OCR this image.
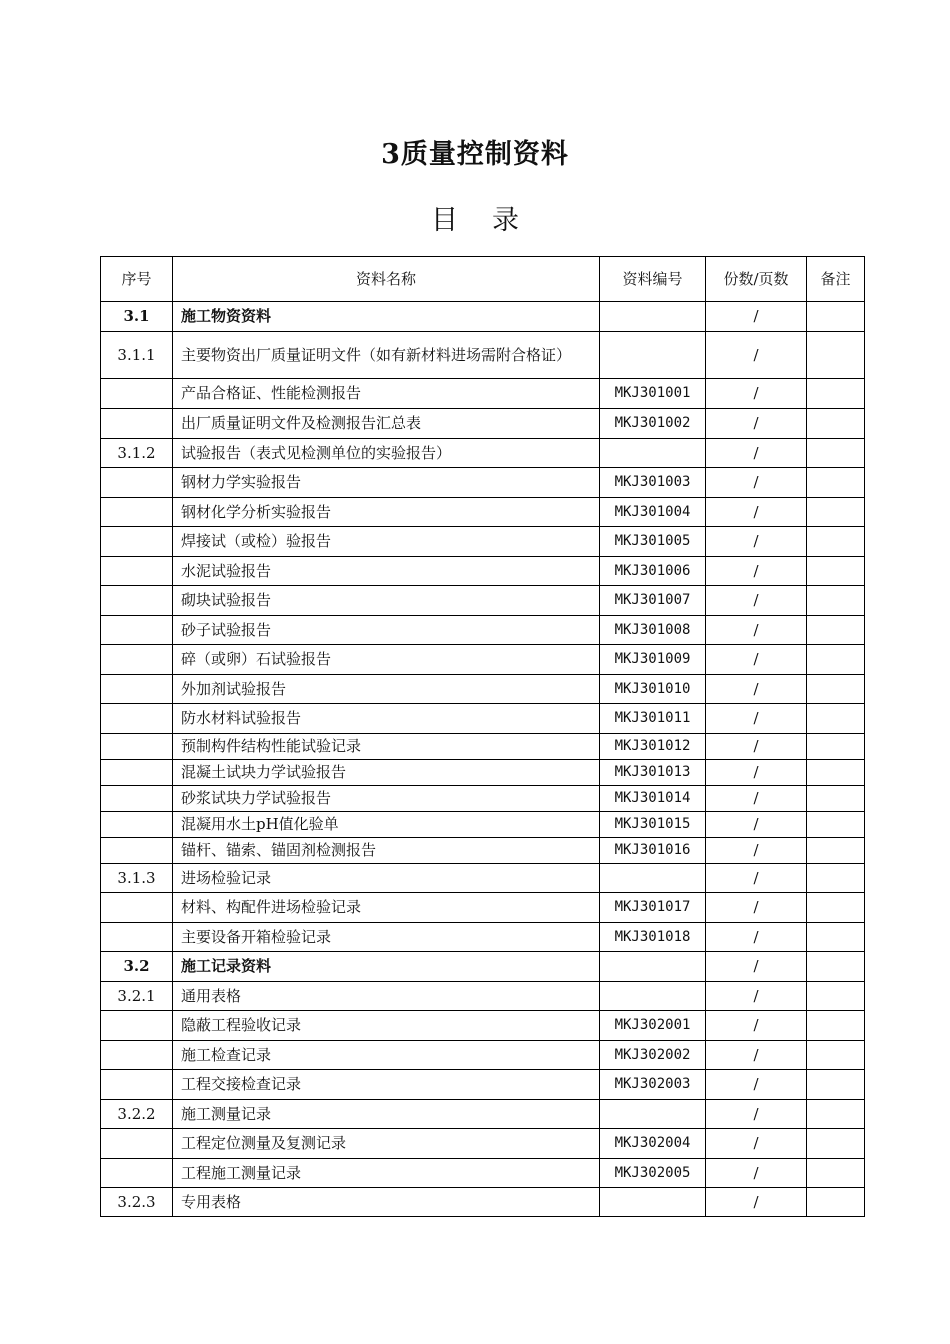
3质量控制资料
目录
序号	资料名称	资料编号	份数/页数	备注
3.1	施工物资资料		/	
3.1.1	主要物资出厂质量证明文件（如有新材料进场需附合格证）		/	
	产品合格证、性能检测报告	MKJ301001	/	
	出厂质量证明文件及检测报告汇总表	MKJ301002	/	
3.1.2	试验报告（表式见检测单位的实验报告）		/	
	钢材力学实验报告	MKJ301003	/	
	钢材化学分析实验报告	MKJ301004	/	
	焊接试（或检）验报告	MKJ301005	/	
	水泥试验报告	MKJ301006	/	
	砌块试验报告	MKJ301007	/	
	砂子试验报告	MKJ301008	/	
	碎（或卵）石试验报告	MKJ301009	/	
	外加剂试验报告	MKJ301010	/	
	防水材料试验报告	MKJ301011	/	
	预制构件结构性能试验记录	MKJ301012	/	
	混凝土试块力学试验报告	MKJ301013	/	
	砂浆试块力学试验报告	MKJ301014	/	
	混凝用水土pH值化验单	MKJ301015	/	
	锚杆、锚索、锚固剂检测报告	MKJ301016	/	
3.1.3	进场检验记录		/	
	材料、构配件进场检验记录	MKJ301017	/	
	主要设备开箱检验记录	MKJ301018	/	
3.2	施工记录资料		/	
3.2.1	通用表格		/	
	隐蔽工程验收记录	MKJ302001	/	
	施工检查记录	MKJ302002	/	
	工程交接检查记录	MKJ302003	/	
3.2.2	施工测量记录		/	
	工程定位测量及复测记录	MKJ302004	/	
	工程施工测量记录	MKJ302005	/	
3.2.3	专用表格		/	
